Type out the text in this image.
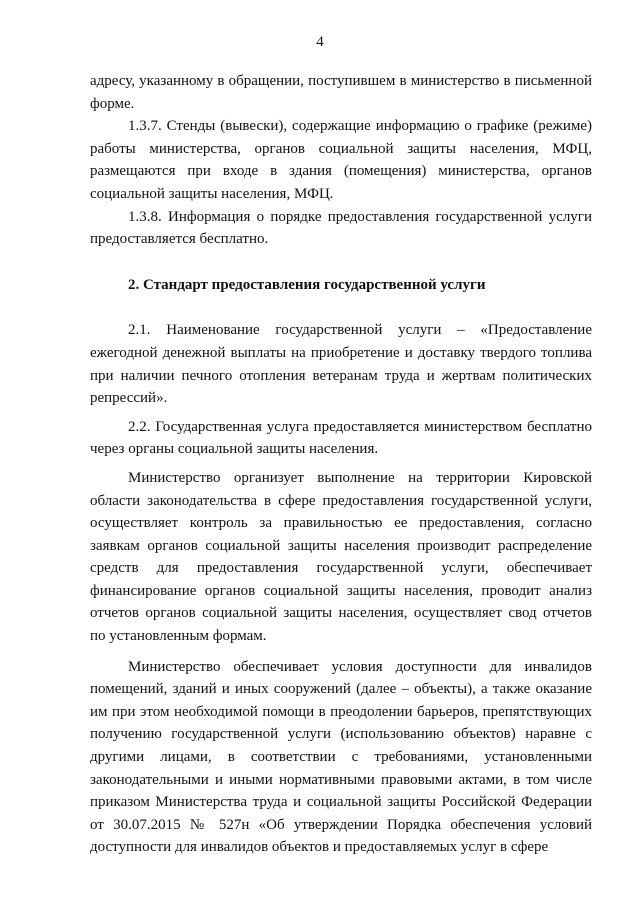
4

адресу, указанному в обращении, поступившем в министерство в письменной форме.

1.3.7. Стенды (вывески), содержащие информацию о графике (режиме) работы министерства, органов социальной защиты населения, МФЦ, размещаются при входе в здания (помещения) министерства, органов социальной защиты населения, МФЦ.

1.3.8. Информация о порядке предоставления государственной услуги предоставляется бесплатно.

2. Стандарт предоставления государственной услуги

2.1. Наименование государственной услуги – «Предоставление ежегодной денежной выплаты на приобретение и доставку твердого топлива при наличии печного отопления ветеранам труда и жертвам политических репрессий».

2.2. Государственная услуга предоставляется министерством бесплатно через органы социальной защиты населения.

Министерство организует выполнение на территории Кировской области законодательства в сфере предоставления государственной услуги, осуществляет контроль за правильностью ее предоставления, согласно заявкам органов социальной защиты населения производит распределение средств для предоставления государственной услуги, обеспечивает финансирование органов социальной защиты населения, проводит анализ отчетов органов социальной защиты населения, осуществляет свод отчетов по установленным формам.

Министерство обеспечивает условия доступности для инвалидов помещений, зданий и иных сооружений (далее – объекты), а также оказание им при этом необходимой помощи в преодолении барьеров, препятствующих получению государственной услуги (использованию объектов) наравне с другими лицами, в соответствии с требованиями, установленными законодательными и иными нормативными правовыми актами, в том числе приказом Министерства труда и социальной защиты Российской Федерации от 30.07.2015 № 527н «Об утверждении Порядка обеспечения условий доступности для инвалидов объектов и предоставляемых услуг в сфере
